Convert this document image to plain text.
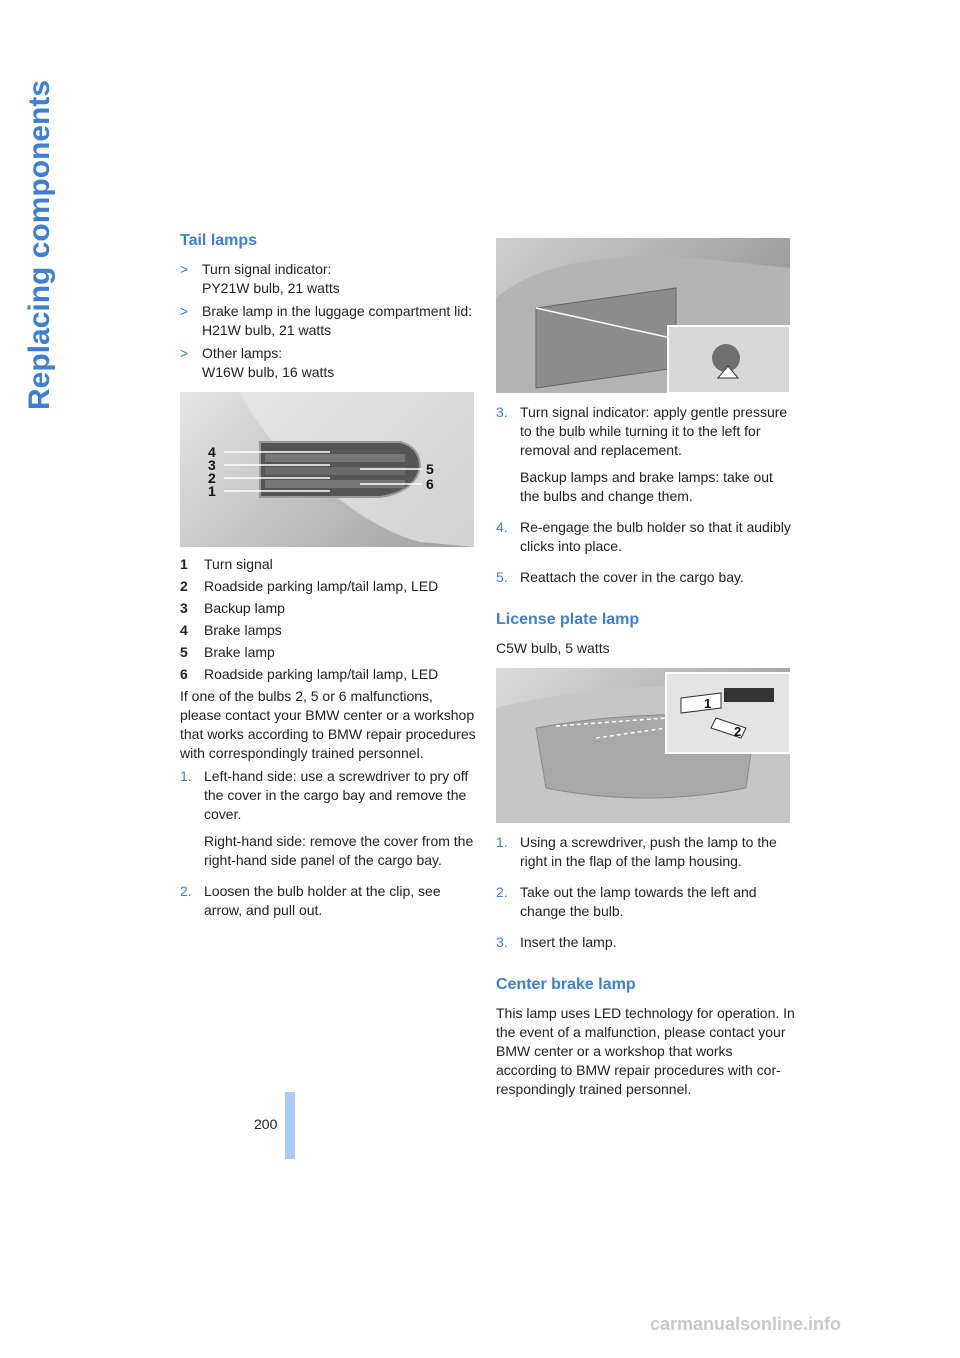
Replacing components	Tail lamps
> Turn signal indicator:
PY21W bulb, 21 watts
> Brake lamp in the luggage compartment lid:
H21W bulb, 21 watts
> Other lamps:
W16W bulb, 16 watts
4
3
2
1
5
6
1	Turn signal
2	Roadside parking lamp/tail lamp, LED
3	Backup lamp
4	Brake lamps
5	Brake lamp
6	Roadside parking lamp/tail lamp, LED

If one of the bulbs 2, 5 or 6 malfunctions, please contact your BMW center or a workshop that works according to BMW repair procedures with correspondingly trained personnel.

1. Left-hand side: use a screwdriver to pry off the cover in the cargo bay and remove the cover.

Right-hand side: remove the cover from the right-hand side panel of the cargo bay.

2. Loosen the bulb holder at the clip, see arrow, and pull out.

3. Turn signal indicator: apply gentle pressure to the bulb while turning it to the left for removal and replacement.

Backup lamps and brake lamps: take out the bulbs and change them.

4. Re-engage the bulb holder so that it audibly clicks into place.

5. Reattach the cover in the cargo bay.

License plate lamp

C5W bulb, 5 watts

1
2
1. Using a screwdriver, push the lamp to the right in the flap of the lamp housing.

2. Take out the lamp towards the left and change the bulb.

3. Insert the lamp.

Center brake lamp

This lamp uses LED technology for operation. In the event of a malfunction, please contact your BMW center or a workshop that works according to BMW repair procedures with cor-respondingly trained personnel.

200
carmanualsonline.info
